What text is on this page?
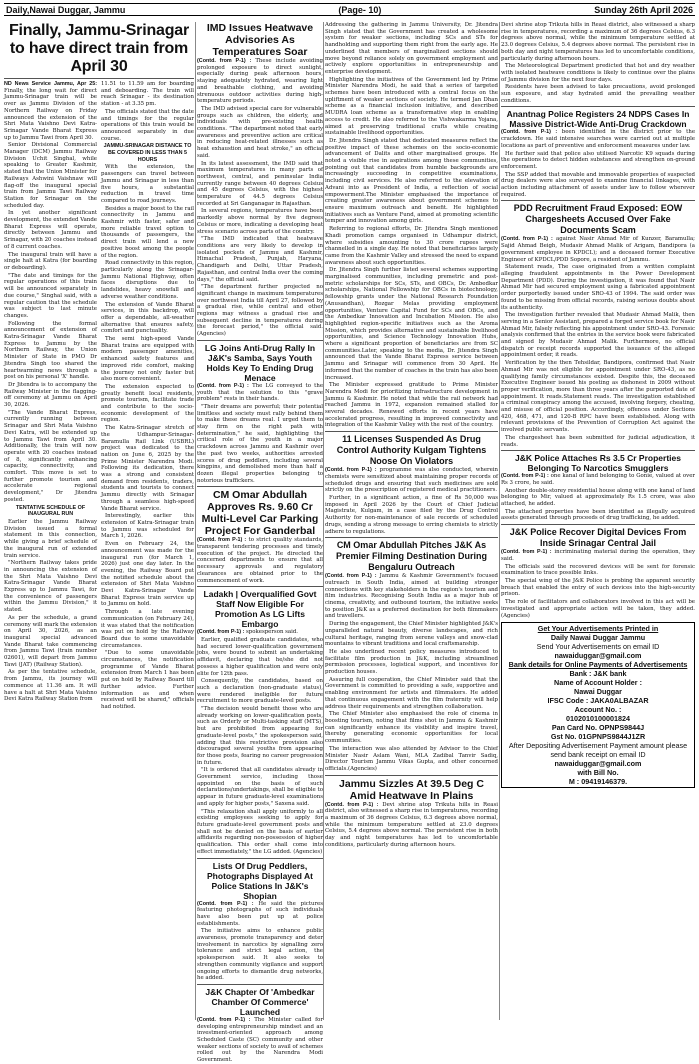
Daily,Nawai Duggar, Jammu	(Page- 10)	Sunday 26th April 2026
Finally, Jammu-Srinagar to have direct train from April 30

ND News Service Jammu, Apr 25: Finally, the long wait for direct Jammu-Srinagar train will be over as Jammu Division of the Northern Railway on Friday announced the extension of the Shri Mata Vaishno Devi Katra-Srinagar Vande Bharat Express up to Jammu Tawi from April 30.

Senior Divisional Commercial Manager (DCM) Jammu Railway Division Uchit Singhal, while speaking to Greater Kashmir, stated that the Union Minister for Railways Ashwini Vaishnaw will flag-off the inaugural special train from Jammu Tawi Railway Station for Srinagar on the scheduled day.

In yet another significant development, the extended Vande Bharat Express will operate, directly between Jammu and Srinagar, with 20 coaches instead of 8 current coaches.

The inaugural train will have a single halt at Katra (for boarding or deboarding).

"The date and timings for the regular operations of this train will be announced separately in due course," Singhal said, with a regular caution that the schedule was subject to last minute changes.

Following the formal announcement of extension of Katra-Srinagar Vande Bharat Express to Jammu by the Northern Railway, the Union Minister of State in PMO Dr Jitendra Singh too shared the heartwarming news through a post on his personal 'X' handle.

Dr Jitendra is to accompany the Railway Minister in the flagging-off ceremony at Jammu on April 30, 2026.

"The Vande Bharat Express, currently running between Srinagar and Shri Mata Vaishno Devi Katra, will be extended up to Jammu Tawi from April 30. Additionally, the train will now operate with 20 coaches instead of 8, significantly enhancing capacity, connectivity, and comfort. This move is set to further promote tourism and accelerate regional development," Dr Jitendra posted.

TENTATIVE SCHEDULE OF INAUGURAL RUN

Earlier the Jammu Railway Division issued a formal statement in this connection, while giving a brief schedule of the inaugural run of extended train service.

"Northern Railway takes pride in announcing the extension of the Shri Mata Vaishno Devi Katra-Srinagar Vande Bharat Express up to Jammu Tawi, for the convenience of passengers within the Jammu Division," it stated.

As per the schedule, a grand ceremony will mark the extension on April 30, 2026, as an inaugural special advanced Vande Bharat take commencing from Jammu Tawi (train number 02601), will depart from Jammu Tawi (JAT) (Railway Station).

As per the tentative schedule, from Jammu, its journey will commence at 11.36 am. It will have a halt at Shri Mata Vaishno Devi Katra Railway Station from

11.51 to 11.59 am for boarding and deboarding. The train will reach Srinagar - its destination station - at 3.35 pm.

The officials stated that the date and timings for the regular operations of this train would be announced separately in due course.

JAMMU-SRINAGAR DISTANCE TO BE COVERED IN LESS THAN 5 HOURS

With the extension, the passengers can travel between Jammu and Srinagar in less than five hours, a substantial reduction in travel time compared to road journeys.

Besides a major boost to the rail connectivity in Jammu and Kashmir with faster, safer and more reliable travel option to thousands of passengers, the direct train will lend a new positive boost among the people of the region.

Road connectivity in this region, particularly along the Srinagar-Jammu National Highway, often faces disruptions due to landslides, heavy snowfall and adverse weather conditions.

The extension of Vande Bharat services, in this backdrop, will offer a dependable, all-weather alternative that ensures safety, comfort and punctuality.

The semi high-speed Vande Bharat trains are equipped with modern passenger amenities, enhanced safety features and improved ride comfort, making the journey not only faster but also more convenient.

The extension expected to greatly benefit local residents, promote tourism, facilitate trade and contribute to the socio-economic development of the region.

The Katra-Srinagar stretch of the Udhampur-Srinagar-Baramulla Rail Link (USBRL) project was dedicated to the nation on June 6, 2025 by the Prime Minister Narendra Modi. Following its dedication, there was a strong and consistent demand from residents, traders, students and tourists to connect Jammu directly with Srinagar through a seamless high-speed Vande Bharat service.

Interestingly, earlier this extension of Katra-Srinagar train to Jammu was scheduled for March 1, 2026.

Even on February 24, the announcement was made for the inaugural run (for March 1, 2026) just one day later. In the evening, the Railway Board put the notified schedule about the extension of Shri Mata Vaishno Devi Katra-Srinagar Vande Bharat Express train service up to Jammu on hold.

Through a late evening communication (on February 24), it was stated that the notification was put on hold by the Railway Board due to some unavoidable circumstances.

"Due to some unavoidable circumstances, the notification programme of Vande Bharat extension from March 1 has been put on hold by Railway Board till further advice. Further information as and when received will be shared," officials had notified.

IMD Issues Heatwave Advisories As Temperatures Soar

(Contd. from P-1) : These include avoiding prolonged exposure to direct sunlight, especially during peak afternoon hours, staying adequately hydrated, wearing light and breathable clothing, and avoiding strenuous outdoor activities during high-temperature periods.

The IMD advised special care for vulnerable groups such as children, the elderly, and individuals with pre-existing health conditions. "The department noted that early awareness and preventive action are critical in reducing heat-related illnesses such as heat exhaustion and heat stroke," an official said.

In its latest assessment, the IMD said that maximum temperatures in many parts of northwest, central, and peninsular India currently range between 40 degrees Celsius and 45 degrees Celsius, with the highest temperature of 44.5 degrees Celsius recorded at Sri Ganganagar in Rajasthan.

In several regions, temperatures have been markedly above normal by five degrees Celsius or more, indicating a developing heat stress scenario across parts of the country.

"The IMD indicated that heatwave conditions are very likely to develop in isolated pockets of Jammu and Kashmir, Himachal Pradesh, Punjab, Haryana, Chandigarh and Delhi, Uttar Pradesh, Rajasthan, and central India over the coming days," the official said.

"The department further projected no significant change in maximum temperatures over northwest India till April 27, followed by a gradual rise, while central and other regions may witness a gradual rise and subsequent decline in temperatures during the forecast period," the official said. (Agencies)

LG Joins Anti-Drug Rally In J&K's Samba, Says Youth Holds Key To Ending Drug Menace

(Contd. from P-1) : The LG conveyed to the youth that the solution to this "grave problem" rests in their hands.

"Their dreams are powerful; their potential limitless and society must rally behind them to make these dreams real. I urged them to stay firm on the right path with determination," he said, highlighting the critical role of the youth in a major crackdown across Jammu and Kashmir over the past two weeks, authorities arrested scores of drug peddlers, including several kingpins, and demolished more than half a dozen illegal properties belonging to notorious traffickers.

CM Omar Abdullah Approves Rs. 9.60 Cr Multi-Level Car Parking Project For Ganderbal

(Contd. from P-1) : to strict quality standards, transparent tendering processes and timely execution of the project. He directed the concerned departments to ensure that all necessary approvals and regulatory clearances are obtained prior to the commencement of work.

Ladakh | Overqualified Govt Staff Now Eligible For Promotion As LG Lifts Embargo

(Contd. from P-1) : spokesperson said.

Earlier, qualified graduate candidates, who had secured lower-qualification government jobs, were bound to submit an undertaking affidavit, declaring that he/she did not possess a higher qualification and were only elite for 12th pass.

Consequently, the candidates, based on such a declaration (non-graduate status), were rendered ineligible for future recruitment to more graduate-level posts.

"The decision would benefit those who are already working on lower-qualification posts, such as Orderly or Multi-tasking staff (MTS), but are prohibited from appearing for graduate-level posts," the spokesperson said, adding that this restrictive provision also discouraged several youths from appearing for those posts, fearing no career progression in future.

"It is ordered that all candidates already in Government service, including those appointed on the basis of such declarations/undertakings, shall be eligible to appear in future graduate-level examinations and apply for higher posts," Saxena said.

"This relaxation shall apply uniformly to all existing employees seeking to apply for future graduate-level government posts and shall not be denied on the basis of earlier affidavits regarding non-possession of higher qualification. This order shall come into effect immediately," the LG added. (Agencies)

Lists Of Drug Peddlers, Photographs Displayed At Police Stations In J&K's Shopian

(Contd. from P-1) : He said the pictures featuring photographs of such individuals have also been put up at police establishments.

The initiative aims to enhance public awareness, promote transparency and deter involvement in narcotics by signalling zero tolerance and strict legal action, the spokesperson said. It also seeks to strengthen community vigilance and support ongoing efforts to dismantle drug networks, he added.

J&K Chapter Of 'Ambedkar Chamber Of Commerce' Launched

(Contd. from P-1) : The Minister called for developing entrepreneurship mindset and an investment-oriented approach among Scheduled Caste (SC) community and other weaker sections of society to avail of schemes rolled out by the Narendra Modi Government.

Addressing the gathering in Jammu University, Dr. Jitendra Singh stated that the Government has created a wholesome system for weaker sections, including SCs and STs for handholding and supporting them right from the early age. He underlined that members of marginalized sections should move beyond reliance solely on government employment and actively explore opportunities in entrepreneurship and enterprise development.

Highlighting the initiatives of the Government led by Prime Minister Narendra Modi, he said that a series of targeted schemes have been introduced with a central focus on the upliftment of weaker sections of society. He termed Jan Dhan scheme as a financial inclusion initiative, and described MUDRA loan scheme as a transformative step in enabling access to credit. He also referred to the Vishwakarma Yojana, aimed at preserving traditional crafts while creating sustainable livelihood opportunities.

Dr. Jitendra Singh stated that dedicated measures reflect the positive impact of these schemes on the socio-economic advancement of Dalits and other marginalised groups. He noted a visible rise in aspirations among these communities, pointing out that candidates from humble backgrounds are increasingly succeeding in competitive examinations, including civil services. He also referred to the elevation of Advani into as President of India, a reflection of social empowerment.The Minister emphasised the importance of creating greater awareness about government schemes to ensure maximum outreach and benefit. He highlighted initiatives such as Venture Fund, aimed at promoting scientific temper and innovation among girls.

Referring to regional efforts, Dr. Jitendra Singh mentioned Khadi promotion camps organised in Udhampur district, where subsidies amounting to 30 crore rupees were channelled in a single day. He noted that beneficiaries largely came from the Kashmir Valley and stressed the need to expand awareness about such opportunities.

Dr. Jitendra Singh further listed several schemes supporting marginalised communities, including premetric and post-metric scholarships for SCs, STs, and OBCs, Dr. Ambedkar scholarships, National Fellowship for OBCs in biotechnology, fellowship grants under the National Research Foundation (Anusandhan), Rozgar Melas providing employment opportunities, Venture Capital Fund for SCs and OBCs, and the Ambedkar Innovation and Incubation Mission. He also highlighted region-specific initiatives such as the Aroma Mission, which provides alternative and sustainable livelihood opportunities, and Science Technology Innovation Hubs, where a significant proportion of beneficiaries are from SC communities.Later, speaking to the media, Dr. Jitendra Singh announced that the Vande Bharat Express service between Jammu and Srinagar will commence from 30 April. He informed that the number of coaches in the train has also been increased.

The Minister expressed gratitude to Prime Minister Narendra Modi for prioritizing infrastructure development in Jammu & Kashmir. He noted that while the rail network had reached Jammu in 1972, expansion remained stalled for several decades. Renewed efforts in recent years have accelerated progress, resulting in improved connectivity and integration of the Kashmir Valley with the rest of the country.

11 Licenses Suspended As Drug Control Authority Kulgam Tightens Noose On Violators

(Contd. from P-1) : programme was also conducted, wherein chemists were sensitized about maintaining proper records of scheduled drugs and ensuring that such medicines are sold strictly on the prescription of registered medical practitioners.

Further, in a significant action, a fine of Rs 50,000 was imposed in April 2026 by the Court of Chief Judicial Magistrate, Kulgam, in a case filed by the Drug Control Authority for non-maintenance of sale records of scheduled drugs, sending a strong message to erring chemists to strictly adhere to regulations.

CM Omar Abdullah Pitches J&K As Premier Filming Destination During Bengaluru Outreach

(Contd. from P-1) : Jammu & Kashmir Government's focused outreach in South India, aimed at building stronger connections with key stakeholders in the region's tourism and film industries. Recognising South India as a major hub of cinema, creativity, and outbound tourism, the initiative seeks to position J&K as a preferred destination for both filmmakers and travellers.

During the engagement, the Chief Minister highlighted J&K's unparalleled natural beauty, diverse landscapes, and rich cultural heritage, ranging from serene valleys and snow-clad mountains to vibrant traditions and local craftsmanship.

He also underlined recent policy measures introduced to facilitate film production in J&K, including streamlined permission processes, logistical support, and incentives for production houses.

Assuring full cooperation, the Chief Minister said that the Government is committed to providing a safe, supportive and enabling environment for artists and filmmakers. He added that continuous engagement with the film fraternity will help address their requirements and strengthen collaboration.

The Chief Minister also emphasised the role of cinema in boosting tourism, noting that films shot in Jammu & Kashmir can significantly enhance its visibility and inspire travel, thereby generating economic opportunities for local communities.

The interaction was also attended by Advisor to the Chief Minister Nasir Aslam Wani, MLA Zadibal Tanvir Sadiq, Director Tourism Jammu Vikas Gupta, and other concerned officials.(Agencies)

Jammu Sizzles At 39.5 Deg C Amid Heatwave In Plains

(Contd. from P-1) : Devi shrine atop Trikuta hills in Reasi district, also witnessed a sharp rise in temperatures, recording a maximum of 36 degrees Celsius, 6.3 degrees above normal, while the minimum temperature settled at 23.0 degrees Celsius, 5.4 degrees above normal. The persistent rise in both day and night temperatures has led to uncomfortable conditions, particularly during afternoon hours.

Devi shrine atop Trikuta hills in Reasi district, also witnessed a sharp rise in temperatures, recording a maximum of 36 degrees Celsius, 6.3 degrees above normal, while the minimum temperature settled at 23.0 degrees Celsius, 5.4 degrees above normal. The persistent rise in both day and night temperatures has led to uncomfortable conditions, particularly during afternoon hours.

The Meteorological Department predicted that hot and dry weather with isolated heatwave conditions is likely to continue over the plains of Jammu division for the next four days.

Residents have been advised to take precautions, avoid prolonged sun exposure, and stay hydrated amid the prevailing weather conditions.

Anantnag Police Registers 24 NDPS Cases In Massive District-Wide Anti-Drug Crackdown

(Contd. from P-1) : been identified in the district prior to the crackdown. He said intensive searches were carried out at multiple locations as part of preventive and enforcement measures under law.

He further said that police also utilised Narcotic K9 squads during the operations to detect hidden substances and strengthen on-ground enforcement.

The SSP added that movable and immovable properties of suspected drug dealers were also surveyed to examine financial linkages, with action including attachment of assets under law to follow wherever required.

PDD Recruitment Fraud Exposed: EOW Chargesheets Accused Over Fake Documents Scam

(Contd. from P-1) : against Nasir Ahmad Mir of Kunzer, Baramulla; Sajid Ahmad Beigh, Mudasir Ahmad Malik of Arigam, Bandipora (a government employee in KPDCL); and a deceased former Executive Engineer of KPDCL/PDD Sopore, a resident of Jammu.

Statement reads, The case originated from a written complaint alleging fraudulent appointments in the Power Development Department (PDD). During the investigation, it was found that Nasir Ahmad Mir had secured employment using a fabricated appointment order purportedly issued under SRO-43 of 1994. The said order was found to be missing from official records, raising serious doubts about its authenticity.

The investigation further revealed that Mudasir Ahmad Malik, then serving in a Senior Assistant, prepared a forged service book for Nasir Ahmad Mir, falsely reflecting his appointment under SRO-43. Forensic analysis confirmed that the entries in the service book were fabricated and signed by Mudasir Ahmad Malik. Furthermore, no official dispatch or receipt records supported the issuance of the alleged appointment order, it reads.

Verification by the then Tehsildar, Bandipora, confirmed that Nasir Ahmad Mir was not eligible for appointment under SRO-43, as no qualifying family circumstances existed. Despite this, the deceased Executive Engineer issued his posting as dishonest in 2009 without proper verification, more than three years after the purported date of appointment. It reads.Statement reads. The investigation established a criminal conspiracy among the accused, involving forgery, cheating, and misuse of official position. Accordingly, offences under Sections 420, 468, 471, and 120-B RPC have been established. Along with relevant provisions of the Prevention of Corruption Act against the involved public servants.

The chargesheet has been submitted for judicial adjudication, it reads.

J&K Police Attaches Rs 3.5 Cr Properties Belonging To Narcotics Smugglers

(Contd. from P-1) : one kanal of land belonging to Gonie, valued at over Rs 3 crore, he said.

Another double-storey residential house along with one kanal of land belonging to Mir, valued at approximately Rs 1.5 crore, was also attached, he added.

The attached properties have been identified as illegally acquired assets generated through proceeds of drug trafficking, he added.

J&K Police Recover Digital Devices From Inside Srinagar Central Jail

(Contd. from P-1) : incriminating material during the operation, they said.

The officials said the recovered devices will be sent for forensic examination to trace possible links.

The special wing of the J&K Police is probing the apparent security breach that enabled the entry of such devices into the high-security prison.

The role of facilitators and collaborators involved in this act will be investigated and appropriate action will be taken, they added. (Agencies)

Get Your Advertisements Printed in
Daily Nawai Duggar Jammu
Send Your Advertisements on email ID
nawaiduggar@gmail.com
Bank details for Online Payments of Advertisements
Bank : J&K bank
Name of Account Holder :
Nawai Duggar
IFSC Code : JAKA0ALBAZAR
Account No. :
0102010100001824
Pan Card No. OPNPS9844J
Gst No. 01GPNPS9844J1ZR
After Depositing Advertisement Payment amount please send bank receipt on email ID
nawaiduggar@gmail.com
with Bill No.
M : 09419146379.
